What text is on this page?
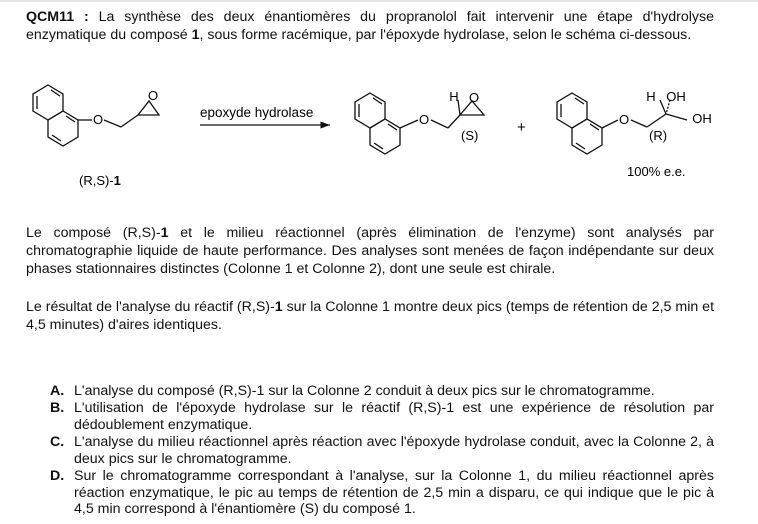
QCM11 : La synthèse des deux énantiomères du propranolol fait intervenir une étape d'hydrolyse enzymatique du composé 1, sous forme racémique, par l'époxyde hydrolase, selon le schéma ci-dessous.
O
O
(R,S)-1
epoxyde hydrolase	O
H O
(S)	+	O
H OH
OH
(R)
100% e.e.
Le composé (R,S)-1 et le milieu réactionnel (après élimination de l'enzyme) sont analysés par chromatographie liquide de haute performance. Des analyses sont menées de façon indépendante sur deux phases stationnaires distinctes (Colonne 1 et Colonne 2), dont une seule est chirale.
Le résultat de l'analyse du réactif (R,S)-1 sur la Colonne 1 montre deux pics (temps de rétention de 2,5 min et 4,5 minutes) d'aires identiques.
A. L'analyse du composé (R,S)-1 sur la Colonne 2 conduit à deux pics sur le chromatogramme.
B. L'utilisation de l'époxyde hydrolase sur le réactif (R,S)-1 est une expérience de résolution par dédoublement enzymatique.
C. L'analyse du milieu réactionnel après réaction avec l'époxyde hydrolase conduit, avec la Colonne 2, à deux pics sur le chromatogramme.
D. Sur le chromatogramme correspondant à l'analyse, sur la Colonne 1, du milieu réactionnel après réaction enzymatique, le pic au temps de rétention de 2,5 min a disparu, ce qui indique que le pic à 4,5 min correspond à l'énantiomère (S) du composé 1.
